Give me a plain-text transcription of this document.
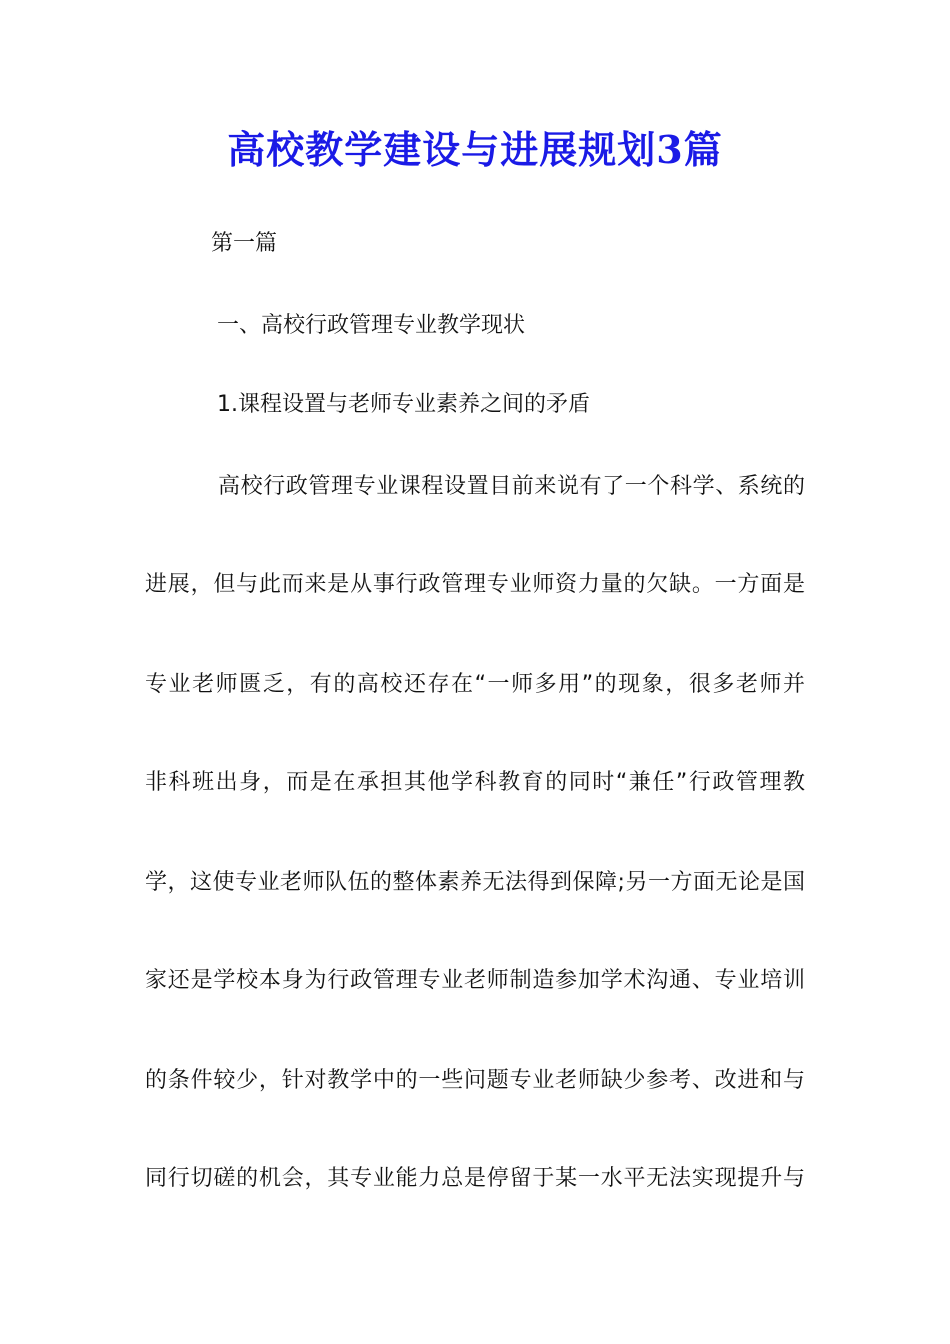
高校教学建设与进展规划3篇
第一篇
一、高校行政管理专业教学现状
1.课程设置与老师专业素养之间的矛盾
高校行政管理专业课程设置目前来说有了一个科学、系统的
进展，但与此而来是从事行政管理专业师资力量的欠缺。一方面是
专业老师匮乏，有的高校还存在“一师多用”的现象，很多老师并
非科班出身，而是在承担其他学科教育的同时“兼任”行政管理教
学，这使专业老师队伍的整体素养无法得到保障;另一方面无论是国
家还是学校本身为行政管理专业老师制造参加学术沟通、专业培训
的条件较少，针对教学中的一些问题专业老师缺少参考、改进和与
同行切磋的机会，其专业能力总是停留于某一水平无法实现提升与
